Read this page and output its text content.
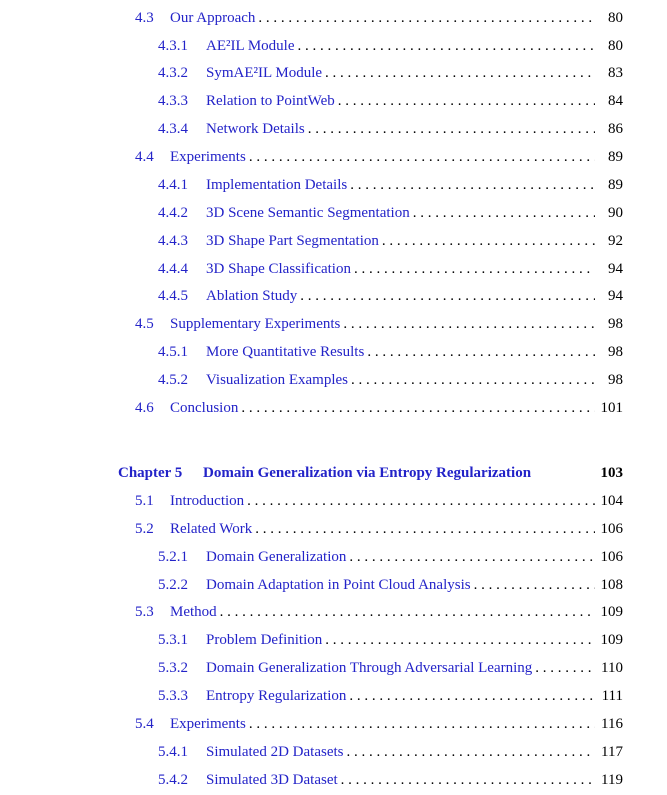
4.3 Our Approach . . .	80
4.3.1 AE²IL Module . . .	80
4.3.2 SymAE²IL Module . . .	83
4.3.3 Relation to PointWeb . . .	84
4.3.4 Network Details . . .	86
4.4 Experiments . . .	89
4.4.1 Implementation Details . . .	89
4.4.2 3D Scene Semantic Segmentation . . .	90
4.4.3 3D Shape Part Segmentation . . .	92
4.4.4 3D Shape Classification . . .	94
4.4.5 Ablation Study . . .	94
4.5 Supplementary Experiments . . .	98
4.5.1 More Quantitative Results . . .	98
4.5.2 Visualization Examples . . .	98
4.6 Conclusion . . .	101
Chapter 5 Domain Generalization via Entropy Regularization	103
5.1 Introduction . . .	104
5.2 Related Work . . .	106
5.2.1 Domain Generalization . . .	106
5.2.2 Domain Adaptation in Point Cloud Analysis . . .	108
5.3 Method . . .	109
5.3.1 Problem Definition . . .	109
5.3.2 Domain Generalization Through Adversarial Learning . . .	110
5.3.3 Entropy Regularization . . .	111
5.4 Experiments . . .	116
5.4.1 Simulated 2D Datasets . . .	117
5.4.2 Simulated 3D Dataset . . .	119
